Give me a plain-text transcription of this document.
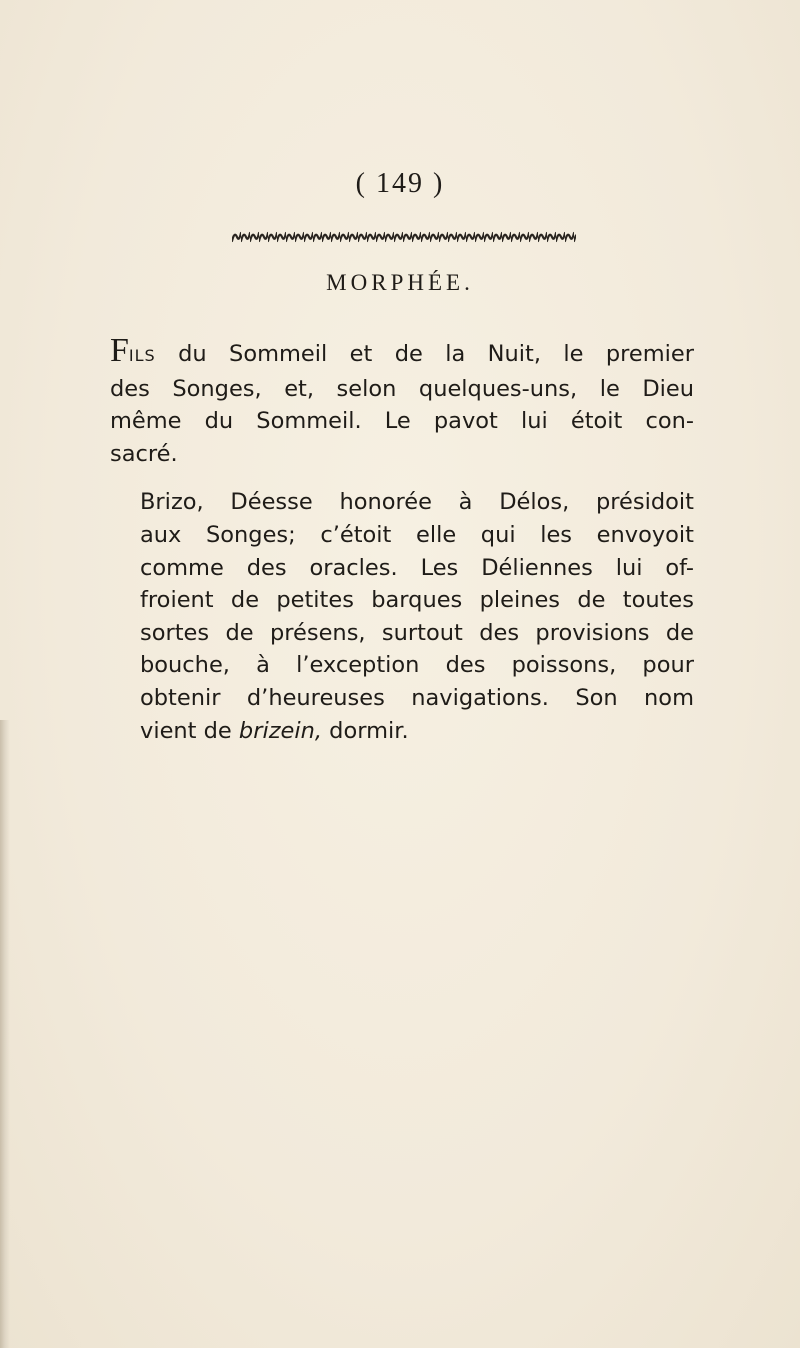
( 149 )
MORPHÉE.

FILS du Sommeil et de la Nuit, le premier
des Songes, et, selon quelques-uns, le Dieu
même du Sommeil. Le pavot lui étoit con-
sacré.

Brizo, Déesse honorée à Délos, présidoit
aux Songes; c’étoit elle qui les envoyoit
comme des oracles. Les Déliennes lui of-
froient de petites barques pleines de toutes
sortes de présens, surtout des provisions de
bouche, à l’exception des poissons, pour
obtenir d’heureuses navigations. Son nom
vient de brizein, dormir.
